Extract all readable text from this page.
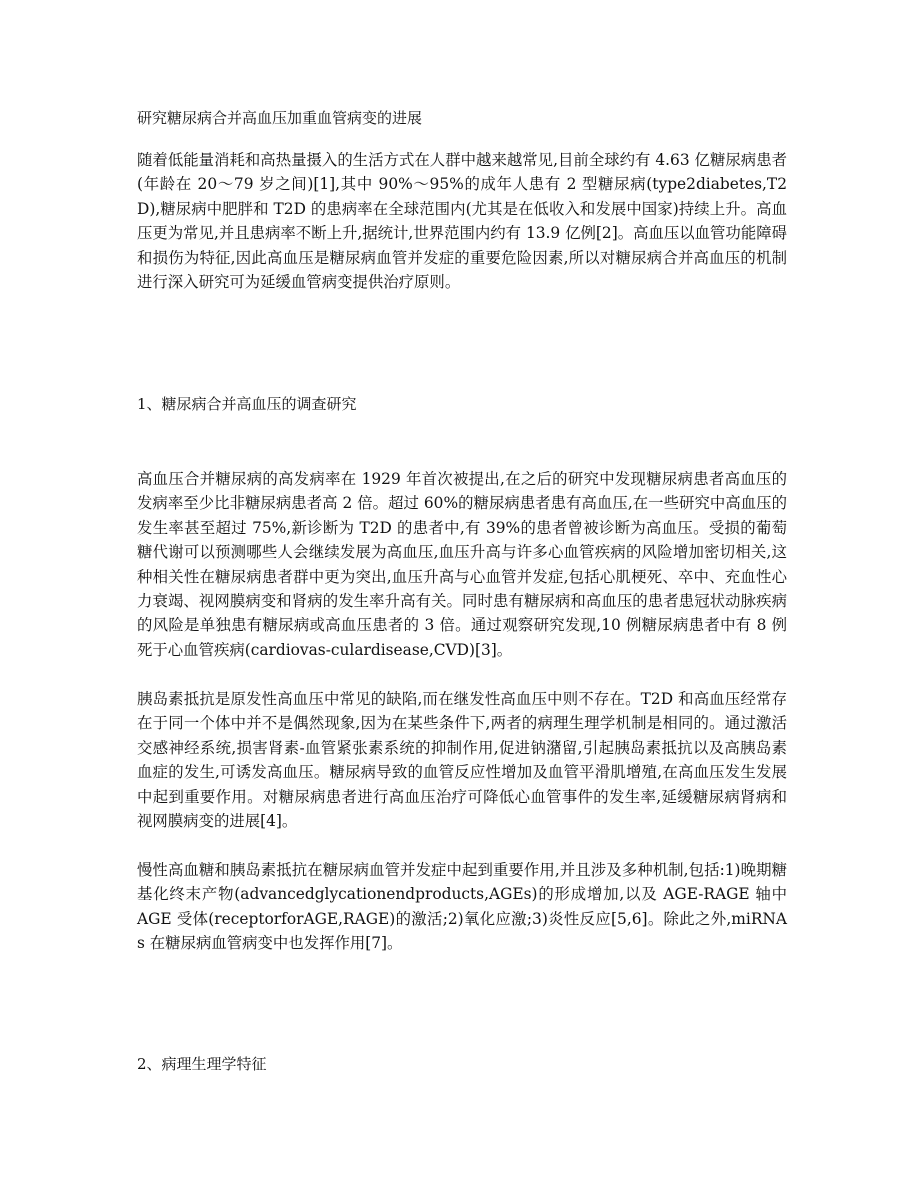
研究糖尿病合并高血压加重血管病变的进展

随着低能量消耗和高热量摄入的生活方式在人群中越来越常见,目前全球约有 4.63 亿糖尿病患者(年龄在 20～79 岁之间)[1],其中 90%～95%的成年人患有 2 型糖尿病(type2diabetes,T2D),糖尿病中肥胖和 T2D 的患病率在全球范围内(尤其是在低收入和发展中国家)持续上升。高血压更为常见,并且患病率不断上升,据统计,世界范围内约有 13.9 亿例[2]。高血压以血管功能障碍和损伤为特征,因此高血压是糖尿病血管并发症的重要危险因素,所以对糖尿病合并高血压的机制进行深入研究可为延缓血管病变提供治疗原则。

1、糖尿病合并高血压的调查研究

高血压合并糖尿病的高发病率在 1929 年首次被提出,在之后的研究中发现糖尿病患者高血压的发病率至少比非糖尿病患者高 2 倍。超过 60%的糖尿病患者患有高血压,在一些研究中高血压的发生率甚至超过 75%,新诊断为 T2D 的患者中,有 39%的患者曾被诊断为高血压。受损的葡萄糖代谢可以预测哪些人会继续发展为高血压,血压升高与许多心血管疾病的风险增加密切相关,这种相关性在糖尿病患者群中更为突出,血压升高与心血管并发症,包括心肌梗死、卒中、充血性心力衰竭、视网膜病变和肾病的发生率升高有关。同时患有糖尿病和高血压的患者患冠状动脉疾病的风险是单独患有糖尿病或高血压患者的 3 倍。通过观察研究发现,10 例糖尿病患者中有 8 例死于心血管疾病(cardiovas-culardisease,CVD)[3]。

胰岛素抵抗是原发性高血压中常见的缺陷,而在继发性高血压中则不存在。T2D 和高血压经常存在于同一个体中并不是偶然现象,因为在某些条件下,两者的病理生理学机制是相同的。通过激活交感神经系统,损害肾素-血管紧张素系统的抑制作用,促进钠潴留,引起胰岛素抵抗以及高胰岛素血症的发生,可诱发高血压。糖尿病导致的血管反应性增加及血管平滑肌增殖,在高血压发生发展中起到重要作用。对糖尿病患者进行高血压治疗可降低心血管事件的发生率,延缓糖尿病肾病和视网膜病变的进展[4]。

慢性高血糖和胰岛素抵抗在糖尿病血管并发症中起到重要作用,并且涉及多种机制,包括:1)晚期糖基化终末产物(advancedglycationendproducts,AGEs)的形成增加,以及 AGE-RAGE 轴中 AGE 受体(receptorforAGE,RAGE)的激活;2)氧化应激;3)炎性反应[5,6]。除此之外,miRNAs 在糖尿病血管病变中也发挥作用[7]。

2、病理生理学特征
